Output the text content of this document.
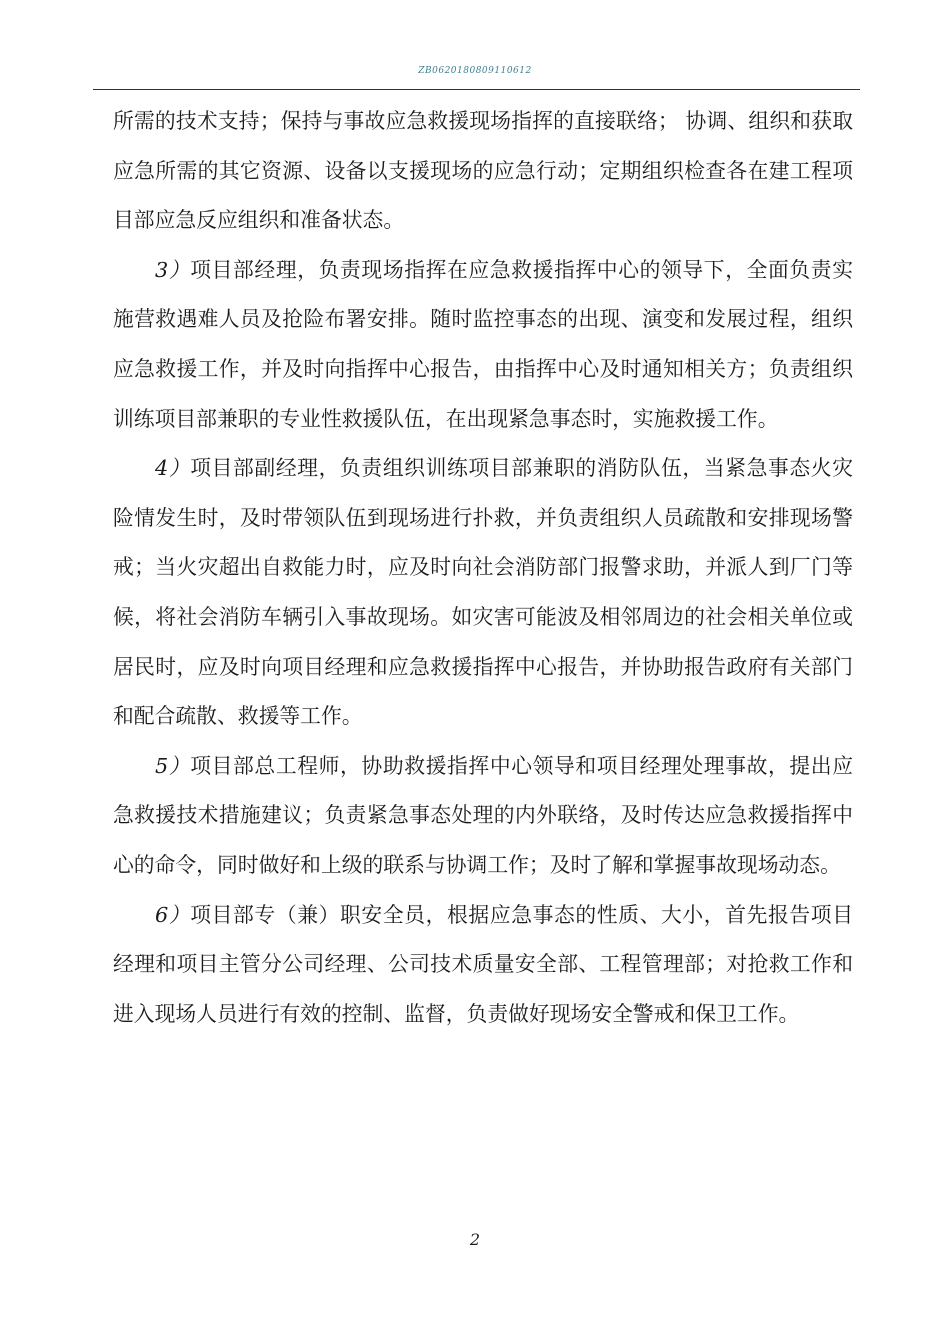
ZB0620180809110612

所需的技术支持；保持与事故应急救援现场指挥的直接联络； 协调、组织和获取应急所需的其它资源、设备以支援现场的应急行动；定期组织检查各在建工程项目部应急反应组织和准备状态。

3）项目部经理，负责现场指挥在应急救援指挥中心的领导下，全面负责实施营救遇难人员及抢险布署安排。随时监控事态的出现、演变和发展过程，组织应急救援工作，并及时向指挥中心报告，由指挥中心及时通知相关方；负责组织训练项目部兼职的专业性救援队伍，在出现紧急事态时，实施救援工作。

4）项目部副经理，负责组织训练项目部兼职的消防队伍，当紧急事态火灾险情发生时，及时带领队伍到现场进行扑救，并负责组织人员疏散和安排现场警戒；当火灾超出自救能力时，应及时向社会消防部门报警求助，并派人到厂门等候，将社会消防车辆引入事故现场。如灾害可能波及相邻周边的社会相关单位或居民时，应及时向项目经理和应急救援指挥中心报告，并协助报告政府有关部门和配合疏散、救援等工作。

5）项目部总工程师，协助救援指挥中心领导和项目经理处理事故，提出应急救援技术措施建议；负责紧急事态处理的内外联络，及时传达应急救援指挥中心的命令，同时做好和上级的联系与协调工作；及时了解和掌握事故现场动态。

6）项目部专（兼）职安全员，根据应急事态的性质、大小，首先报告项目经理和项目主管分公司经理、公司技术质量安全部、工程管理部；对抢救工作和进入现场人员进行有效的控制、监督，负责做好现场安全警戒和保卫工作。

2
